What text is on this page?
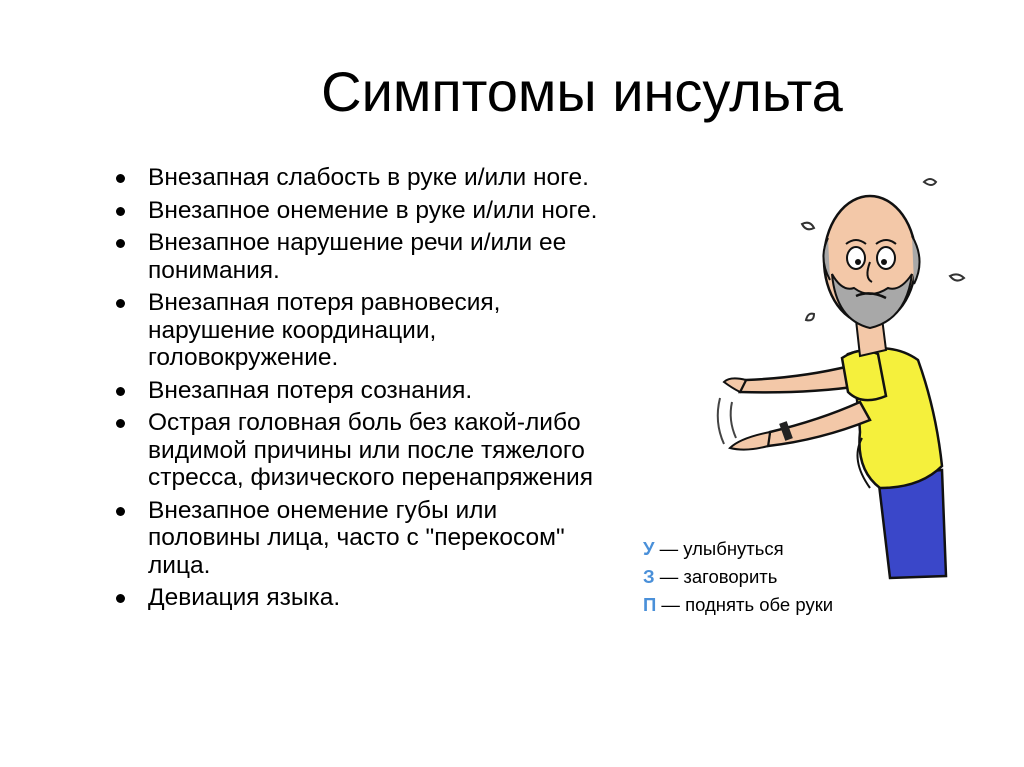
Симптомы инсульта
Внезапная слабость в руке и/или ноге.
Внезапное онемение в руке и/или ноге.
Внезапное нарушение речи и/или ее понимания.
Внезапная потеря равновесия, нарушение координации, головокружение.
Внезапная потеря сознания.
Острая головная боль без какой-либо видимой причины или после тяжелого стресса, физического перенапряжения
Внезапное онемение губы или половины лица, часто с "перекосом" лица.
Девиация языка.
У — улыбнуться
З — заговорить
П — поднять обе руки
